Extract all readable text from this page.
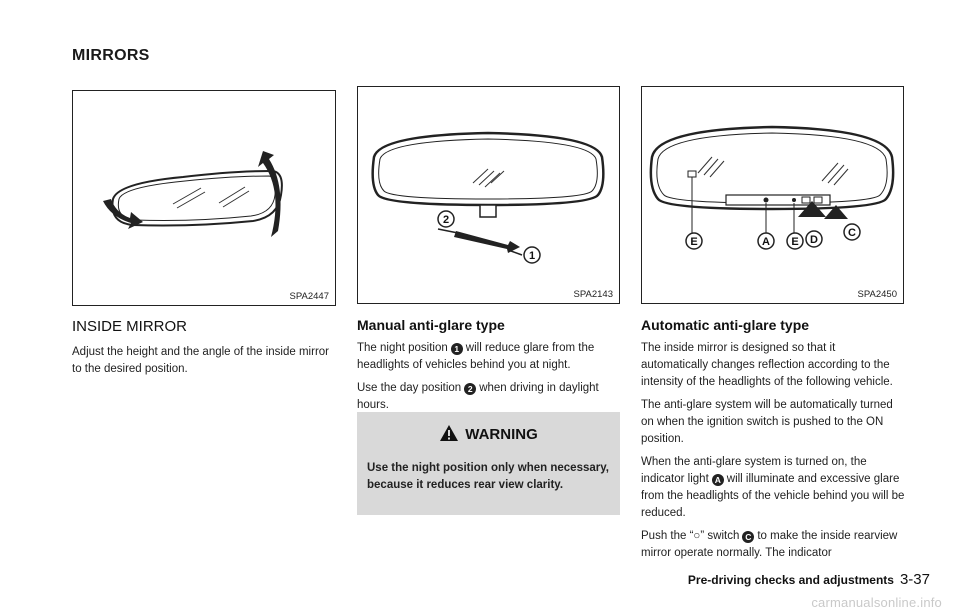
MIRRORS
SPA2447
2
1
SPA2143
E	A E D
C
SPA2450
INSIDE MIRROR

Adjust the height and the angle of the inside mirror to the desired position.

Manual anti-glare type

The night position 1 will reduce glare from the headlights of vehicles behind you at night.

Use the day position 2 when driving in daylight hours.

WARNING
Use the night position only when necessary, because it reduces rear view clarity.
Automatic anti-glare type

The inside mirror is designed so that it automatically changes reflection according to the intensity of the headlights of the following vehicle.

The anti-glare system will be automatically turned on when the ignition switch is pushed to the ON position.

When the anti-glare system is turned on, the indicator light A will illuminate and excessive glare from the headlights of the vehicle behind you will be reduced.

Push the “○” switch C to make the inside rearview mirror operate normally. The indicator

Pre-driving checks and adjustments 3-37
carmanualsonline.info
